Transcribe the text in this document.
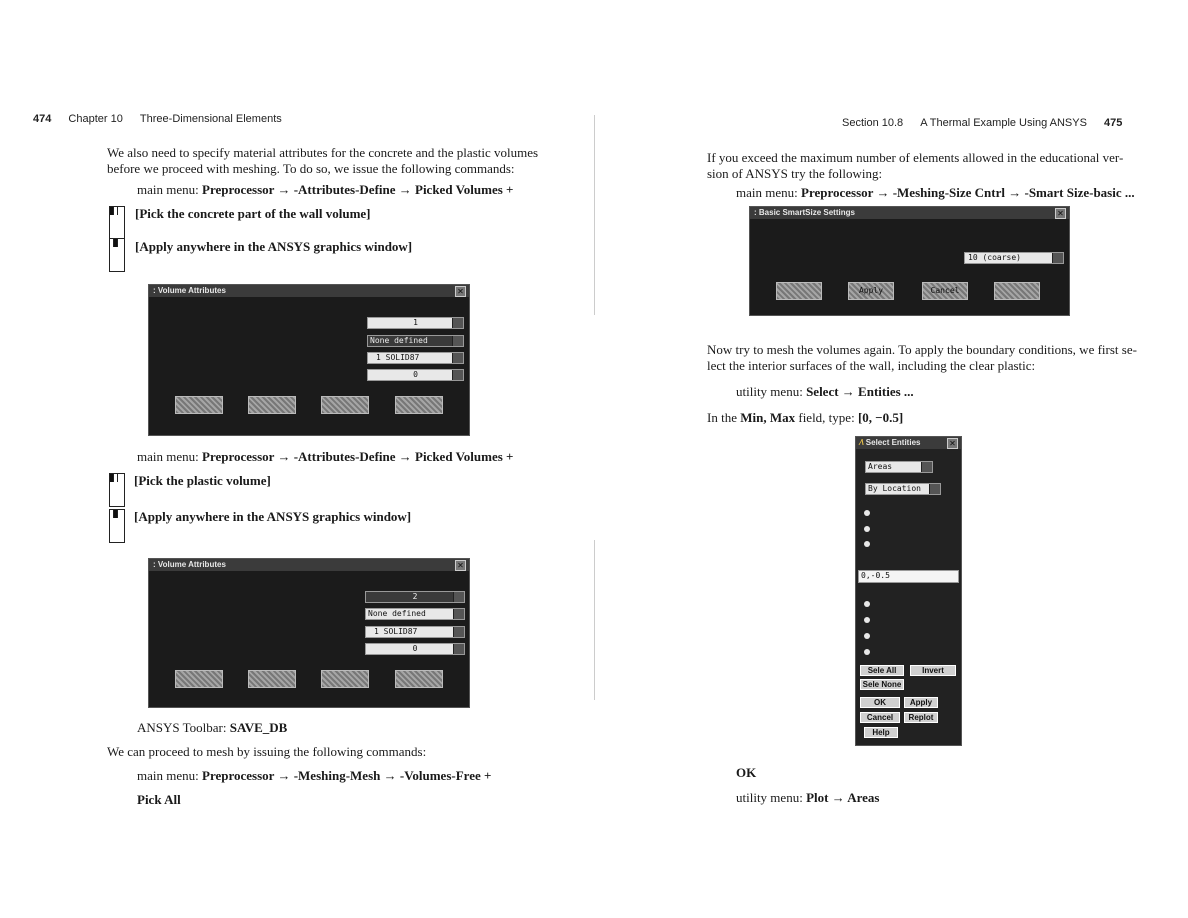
474 Chapter 10 Three-Dimensional Elements
We also need to specify material attributes for the concrete and the plastic volumes
before we proceed with meshing. To do so, we issue the following commands:
main menu: Preprocessor → -Attributes-Define → Picked Volumes +
[Pick the concrete part of the wall volume]
[Apply anywhere in the ANSYS graphics window]
: Volume Attributes	✕
1
None defined
1 SOLID87
0
main menu: Preprocessor → -Attributes-Define → Picked Volumes +
[Pick the plastic volume]
[Apply anywhere in the ANSYS graphics window]
: Volume Attributes	✕
2
None defined
1 SOLID87
0
ANSYS Toolbar: SAVE_DB
We can proceed to mesh by issuing the following commands:
main menu: Preprocessor → -Meshing-Mesh → -Volumes-Free +
Pick All
Section 10.8 A Thermal Example Using ANSYS 475
If you exceed the maximum number of elements allowed in the educational ver-
sion of ANSYS try the following:
main menu: Preprocessor → -Meshing-Size Cntrl → -Smart Size-basic ...
: Basic SmartSize Settings	✕
10 (coarse)
Apply	Cancel
Now try to mesh the volumes again. To apply the boundary conditions, we first se-
lect the interior surfaces of the wall, including the clear plastic:
utility menu: Select → Entities ...
In the Min, Max field, type: [0, −0.5]
⁄\ Select Entities	✕
Areas
By Location
0,-0.5
Sele All	Invert
Sele None
OK	Apply
Cancel	Replot
Help
OK
utility menu: Plot → Areas
